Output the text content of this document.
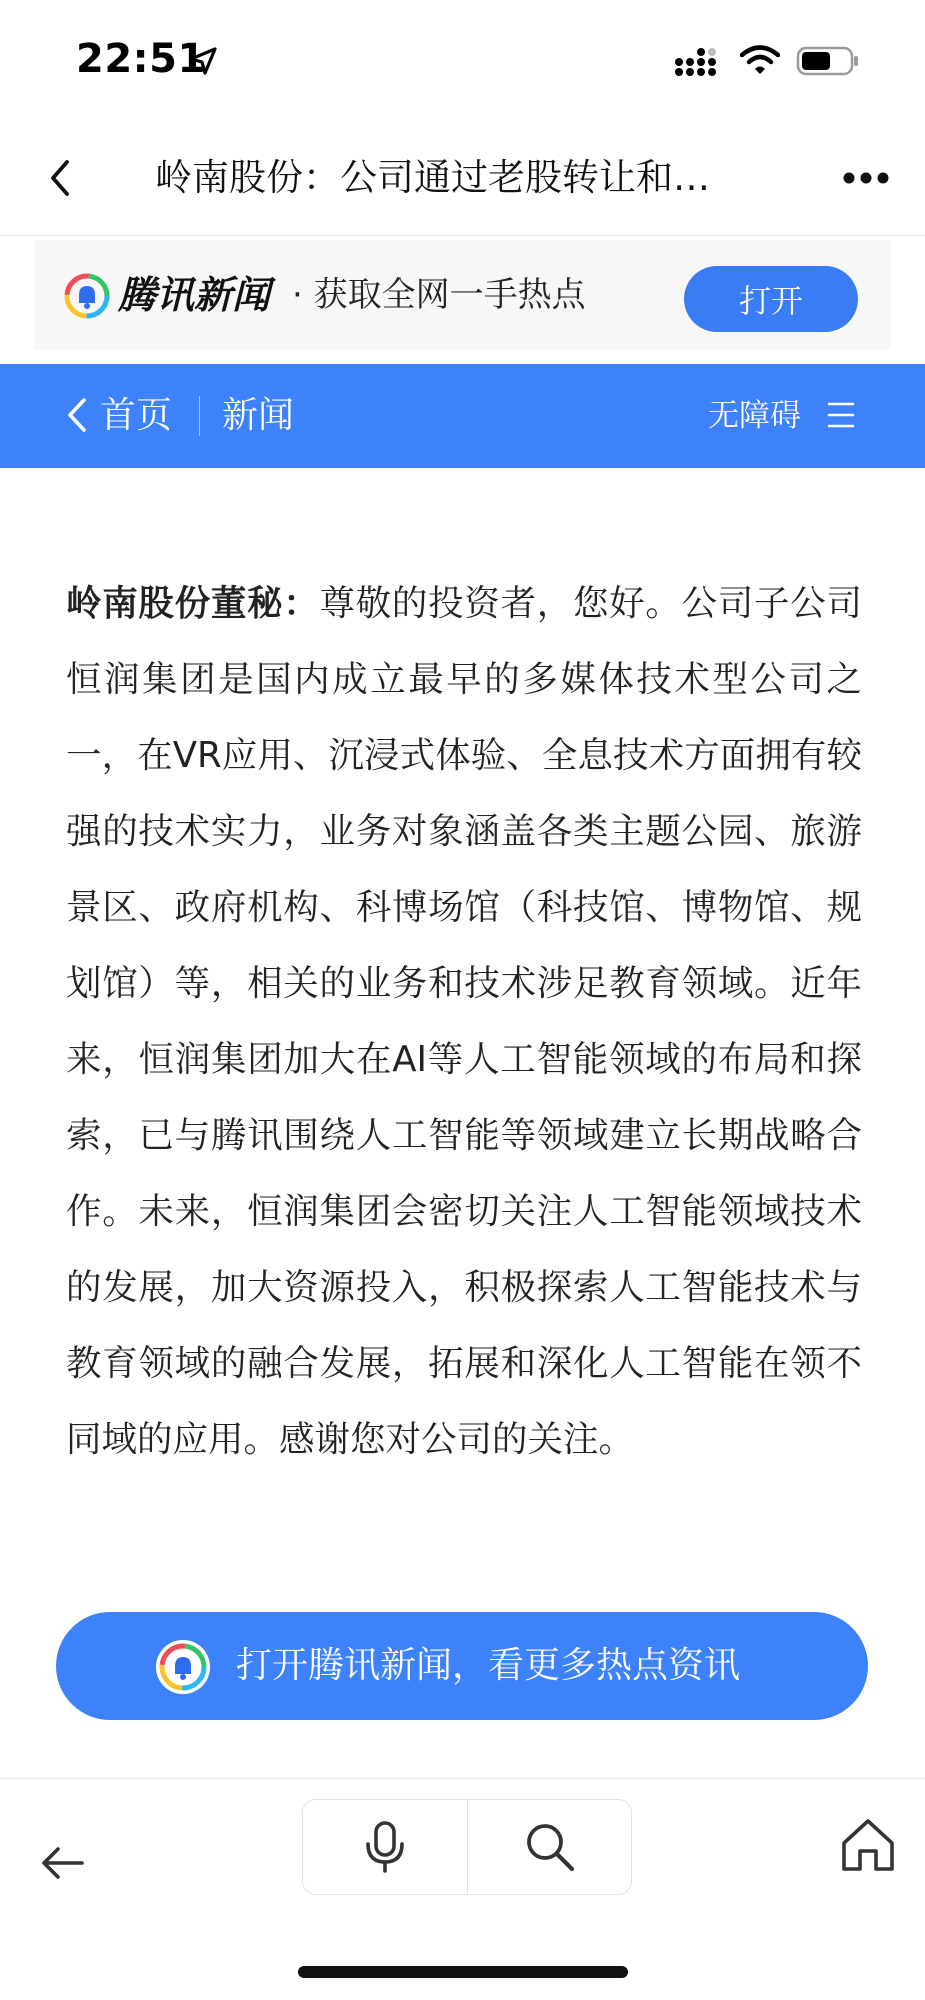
22:51
岭南股份：公司通过老股转让和…
腾讯新闻 · 获取全网一手热点	打开
首页 新闻	无障碍
岭南股份董秘：尊敬的投资者，您好。公司子公司恒润集团是国内成立最早的多媒体技术型公司之一，在VR应用、沉浸式体验、全息技术方面拥有较强的技术实力，业务对象涵盖各类主题公园、旅游景区、政府机构、科博场馆（科技馆、博物馆、规划馆）等，相关的业务和技术涉足教育领域。近年来，恒润集团加大在AI等人工智能领域的布局和探索，已与腾讯围绕人工智能等领域建立长期战略合作。未来，恒润集团会密切关注人工智能领域技术的发展，加大资源投入，积极探索人工智能技术与教育领域的融合发展，拓展和深化人工智能在领不同域的应用。感谢您对公司的关注。
打开腾讯新闻，看更多热点资讯
